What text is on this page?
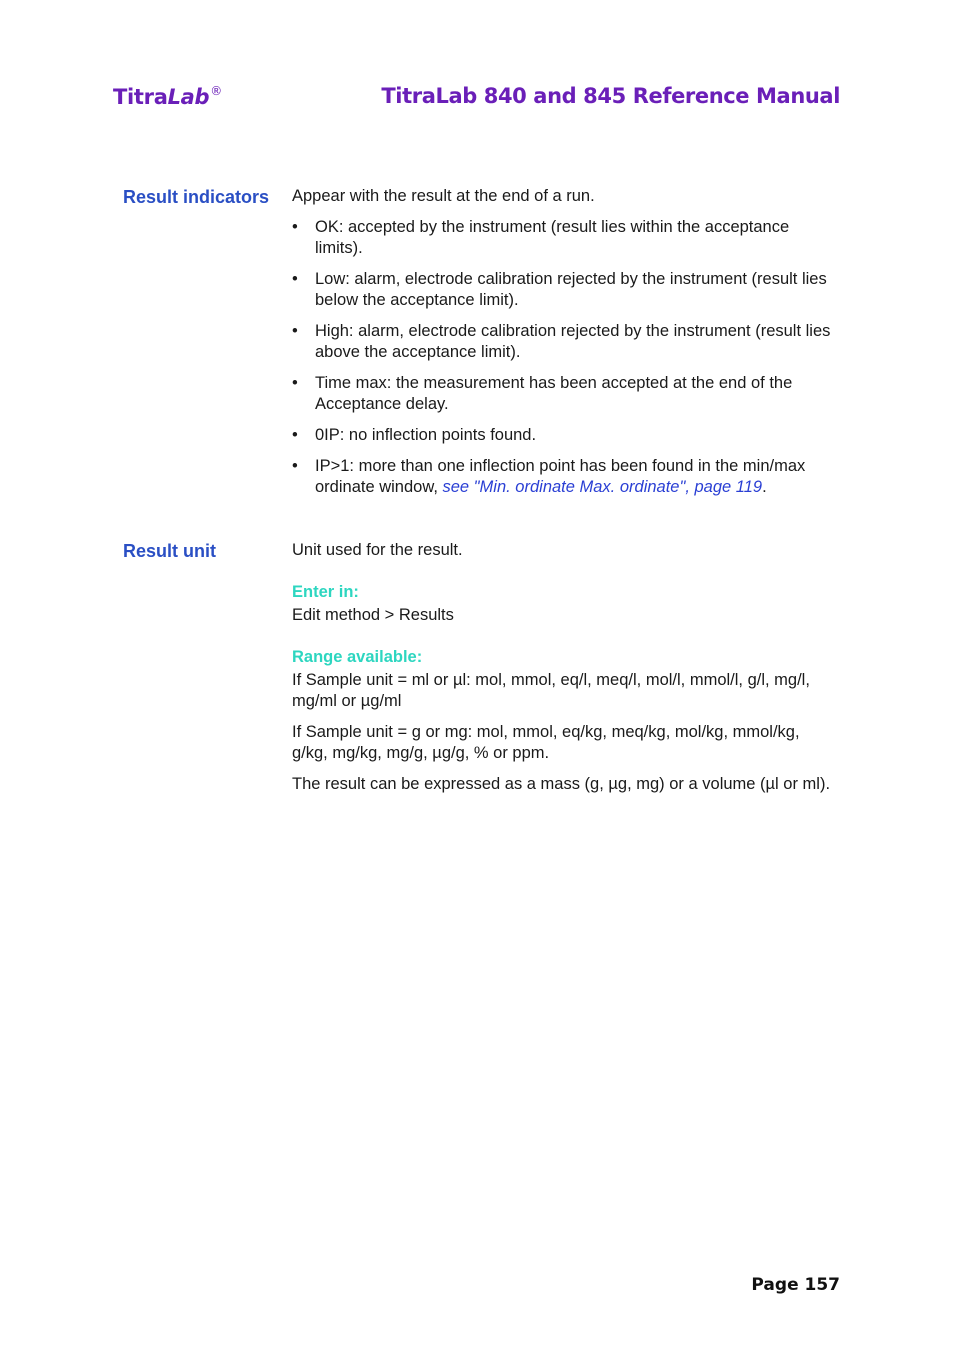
TitraLab®	TitraLab 840 and 845 Reference Manual
Result indicators Appear with the result at the end of a run.

• OK: accepted by the instrument (result lies within the acceptance limits).
• Low: alarm, electrode calibration rejected by the instrument (result lies below the acceptance limit).
• High: alarm, electrode calibration rejected by the instrument (result lies above the acceptance limit).
• Time max: the measurement has been accepted at the end of the Acceptance delay.
• 0IP: no inflection points found.
• IP>1: more than one inflection point has been found in the min/max ordinate window, see "Min. ordinate Max. ordinate", page 119.
Result unit	Unit used for the result.

Enter in:

Edit method > Results

Range available:

If Sample unit = ml or µl: mol, mmol, eq/l, meq/l, mol/l, mmol/l, g/l, mg/l, mg/ml or µg/ml

If Sample unit = g or mg: mol, mmol, eq/kg, meq/kg, mol/kg, mmol/kg, g/kg, mg/kg, mg/g, µg/g, % or ppm.

The result can be expressed as a mass (g, µg, mg) or a volume (µl or ml).

Page 157
